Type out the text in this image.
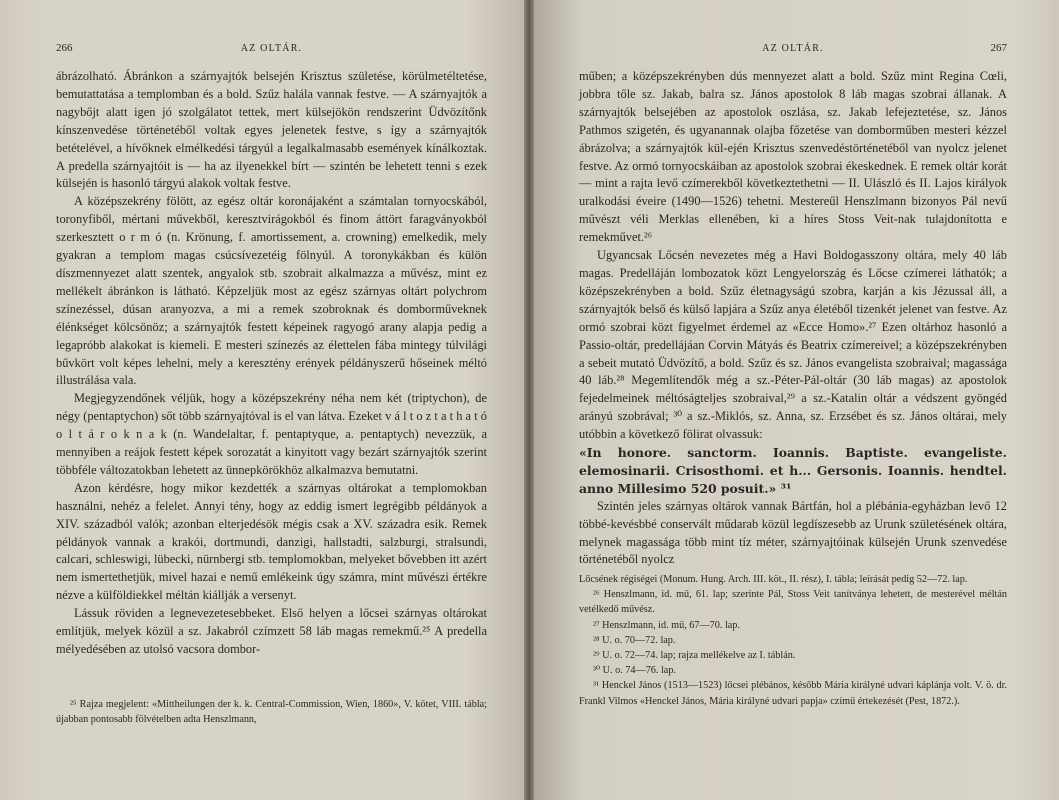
266	AZ OLTÁR.

ábrázolható. Ábránkon a szárnyajtók belsején Krisztus születése, körülmetéltetése, bemutattatása a templomban és a bold. Szűz halála vannak festve. — A szárnyajtók a nagybőjt alatt igen jó szolgálatot tettek, mert külsejökön rendszerint Üdvözítőnk kínszenvedése történetéből voltak egyes jelenetek festve, s így a szárnyajtók betételével, a hívőknek elmélkedési tárgyúl a legalkalmasabb események kínálkoztak. A predella szárnyajtóit is — ha az ilyenekkel bírt — szintén be lehetett tenni s ezek külsején is hasonló tárgyú alakok voltak festve.

A középszekrény fölött, az egész oltár koronájaként a számtalan tornyocskából, toronyfiből, mértani művekből, keresztvirágokból és finom áttört faragványokból szerkesztett o r m ó (n. Krönung, f. amortissement, a. crowning) emelkedik, mely gyakran a templom magas csúcsívezetéig fölnyúl. A toronykákban és külön díszmennyezet alatt szentek, angyalok stb. szobrait alkalmazza a művész, mint ez mellékelt ábránkon is látható. Képzeljük most az egész szárnyas oltárt polychrom színezéssel, dúsan aranyozva, a mi a remek szobroknak és domborműveknek élénkséget kölcsönöz; a szárnyajtók festett képeinek ragyogó arany alapja pedig a legapróbb alakokat is kiemeli. E mesteri színezés az élettelen fába mintegy túlvilági bűvkört volt képes lehelni, mely a keresztény erények példányszerű hőseinek méltó illustrálása vala.

Megjegyzendőnek véljük, hogy a középszekrény néha nem két (triptychon), de négy (pentaptychon) sőt több szárnyajtóval is el van látva. Ezeket v á l t o z t a t h a t ó o l t á r o k n a k (n. Wandelaltar, f. pentaptyque, a. pentaptych) nevezzük, a mennyiben a reájok festett képek sorozatát a kinyitott vagy bezárt szárnyajtók szerint többféle változatokban lehetett az ünnepkörökhöz alkalmazva bemutatni.

Azon kérdésre, hogy mikor kezdették a szárnyas oltárokat a templomokban használni, nehéz a felelet. Annyi tény, hogy az eddig ismert legrégibb példányok a XIV. századból valók; azonban elterjedésök mégis csak a XV. századra esik. Remek példányok vannak a krakói, dortmundi, danzigi, hallstadti, salzburgi, stralsundi, calcari, schleswigi, lübecki, nürnbergi stb. templomokban, melyeket bővebben itt azért nem ismertethetjük, mivel hazai e nemű emlékeink úgy számra, mint művészi értékre nézve a külföldiekkel méltán kiállják a versenyt.

Lássuk röviden a legnevezetesebbeket. Első helyen a lőcsei szárnyas oltárokat említjük, melyek közül a sz. Jakabról czímzett 58 láb magas remekmű.²⁵ A predella mélyedésében az utolsó vacsora dombor-

²⁵ Rajza megjelent: «Mittheilungen der k. k. Central-Commission, Wien, 1860», V. kötet, VIII. tábla; újabban pontosabb fölvételben adta Henszlmann,

AZ OLTÁR.	267

műben; a középszekrényben dús mennyezet alatt a bold. Szűz mint Regina Cœli, jobbra tőle sz. Jakab, balra sz. János apostolok 8 láb magas szobrai állanak. A szárnyajtók belsejében az apostolok oszlása, sz. Jakab lefejeztetése, sz. János Pathmos szigetén, és ugyanannak olajba főzetése van domborműben mesteri kézzel ábrázolva; a szárnyajtók kül-ején Krisztus szenvedéstörténetéből van nyolcz jelenet festve. Az ormó tornyocskáiban az apostolok szobrai ékeskednek. E remek oltár korát — mint a rajta levő czímerekből következtethetni — II. Ulászló és II. Lajos királyok uralkodási éveire (1490—1526) tehetni. Mestereűl Henszlmann bizonyos Pál nevű művészt véli Merklas ellenében, ki a híres Stoss Veit-nak tulajdonította e remekművet.²⁶

Ugyancsak Lőcsén nevezetes még a Havi Boldogasszony oltára, mely 40 láb magas. Predelláján lombozatok közt Lengyelország és Lőcse czímerei láthatók; a középszekrényben a bold. Szűz életnagyságú szobra, karján a kis Jézussal áll, a szárnyajtók belső és külső lapjára a Szűz anya életéből tizenkét jelenet van festve. Az ormó szobrai közt figyelmet érdemel az «Ecce Homo».²⁷ Ezen oltárhoz hasonló a Passio-oltár, predellájáan Corvin Mátyás és Beatrix czímereivel; a középszekrényben a sebeit mutató Üdvözítő, a bold. Szűz és sz. János evangelista szobraival; magassága 40 láb.²⁸ Megemlítendők még a sz.-Péter-Pál-oltár (30 láb magas) az apostolok fejedelmeinek méltóságteljes szobraival,²⁹ a sz.-Katalin oltár a védszent gyöngéd arányú szobrával; ³⁰ a sz.-Miklós, sz. Anna, sz. Erzsébet és sz. János oltárai, mely utóbbin a következő fölirat olvassuk:

«In honore. sanctorm. Ioannis. Baptiste. evangeliste. elemosinarii. Crisosthomi. et h... Gersonis. Ioannis. hendtel. anno Millesimo 520 posuit.» ³¹

Szintén jeles szárnyas oltárok vannak Bártfán, hol a plébánia-egyházban levő 12 többé-kevésbbé conservált műdarab közül legdíszesebb az Urunk születésének oltára, melynek magassága több mint tíz méter, szárnyajtóinak külsején Urunk szenvedése történetéből nyolcz

Lőcsének régiségei (Monum. Hung. Arch. III. köt., II. rész), I. tábla; leírását pedig 52—72. lap.

²⁶ Henszlmann, id. mű, 61. lap; szerinte Pál, Stoss Veit tanítványa lehetett, de mesterével méltán vetélkedő művész.

²⁷ Henszlmann, id. mű, 67—70. lap.

²⁸ U. o. 70—72. lap.

²⁹ U. o. 72—74. lap; rajza mellékelve az I. táblán.

³⁰ U. o. 74—76. lap.

³¹ Henckel János (1513—1523) lőcsei plébános, később Mária királyné udvari káplánja volt. V. ö. dr. Frankl Vilmos «Henckel János, Mária királyné udvari papja» czímű értekezését (Pest, 1872.).
